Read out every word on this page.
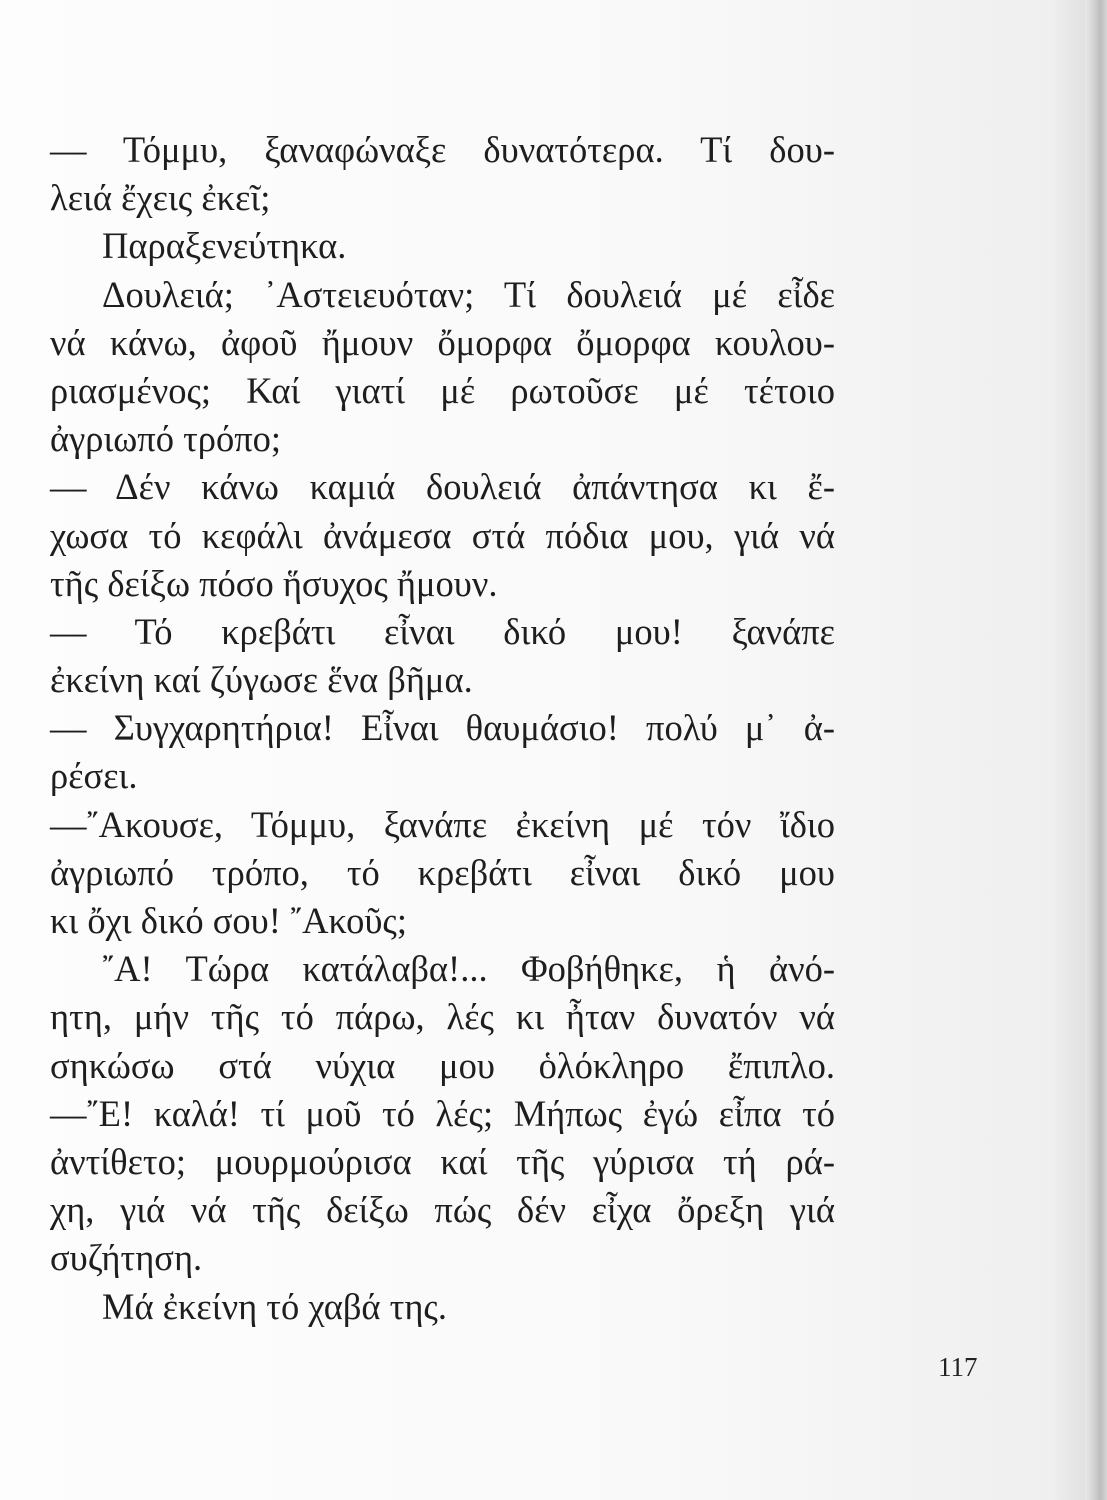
— Τόμμυ, ξαναφώναξε δυνατότερα. Τί δου-
λειά ἔχεις ἐκεῖ;
Παραξενεύτηκα.
Δουλειά; ᾿Αστειευόταν; Τί δουλειά μέ εἶδε
νά κάνω, ἀφοῦ ἤμουν ὄμορφα ὄμορφα κουλου-
ριασμένος; Καί γιατί μέ ρωτοῦσε μέ τέτοιο
ἀγριωπό τρόπο;
— Δέν κάνω καμιά δουλειά ἀπάντησα κι ἔ-
χωσα τό κεφάλι ἀνάμεσα στά πόδια μου, γιά νά
τῆς δείξω πόσο ἥσυχος ἤμουν.
— Τό κρεβάτι εἶναι δικό μου! ξανάπε
ἐκείνη καί ζύγωσε ἕνα βῆμα.
— Συγχαρητήρια! Εἶναι θαυμάσιο! πολύ μ᾿ ἀ-
ρέσει.
—῎Ακουσε, Τόμμυ, ξανάπε ἐκείνη μέ τόν ἴδιο
ἀγριωπό τρόπο, τό κρεβάτι εἶναι δικό μου
κι ὄχι δικό σου! ῎Ακοῦς;
῎Α! Τώρα κατάλαβα!... Φοβήθηκε, ἡ ἀνό-
ητη, μήν τῆς τό πάρω, λές κι ἦταν δυνατόν νά
σηκώσω στά νύχια μου ὁλόκληρο ἔπιπλο.
—῎Ε! καλά! τί μοῦ τό λές; Μήπως ἐγώ εἶπα τό
ἀντίθετο; μουρμούρισα καί τῆς γύρισα τή ρά-
χη, γιά νά τῆς δείξω πώς δέν εἶχα ὄρεξη γιά
συζήτηση.
Μά ἐκείνη τό χαβά της.
117
